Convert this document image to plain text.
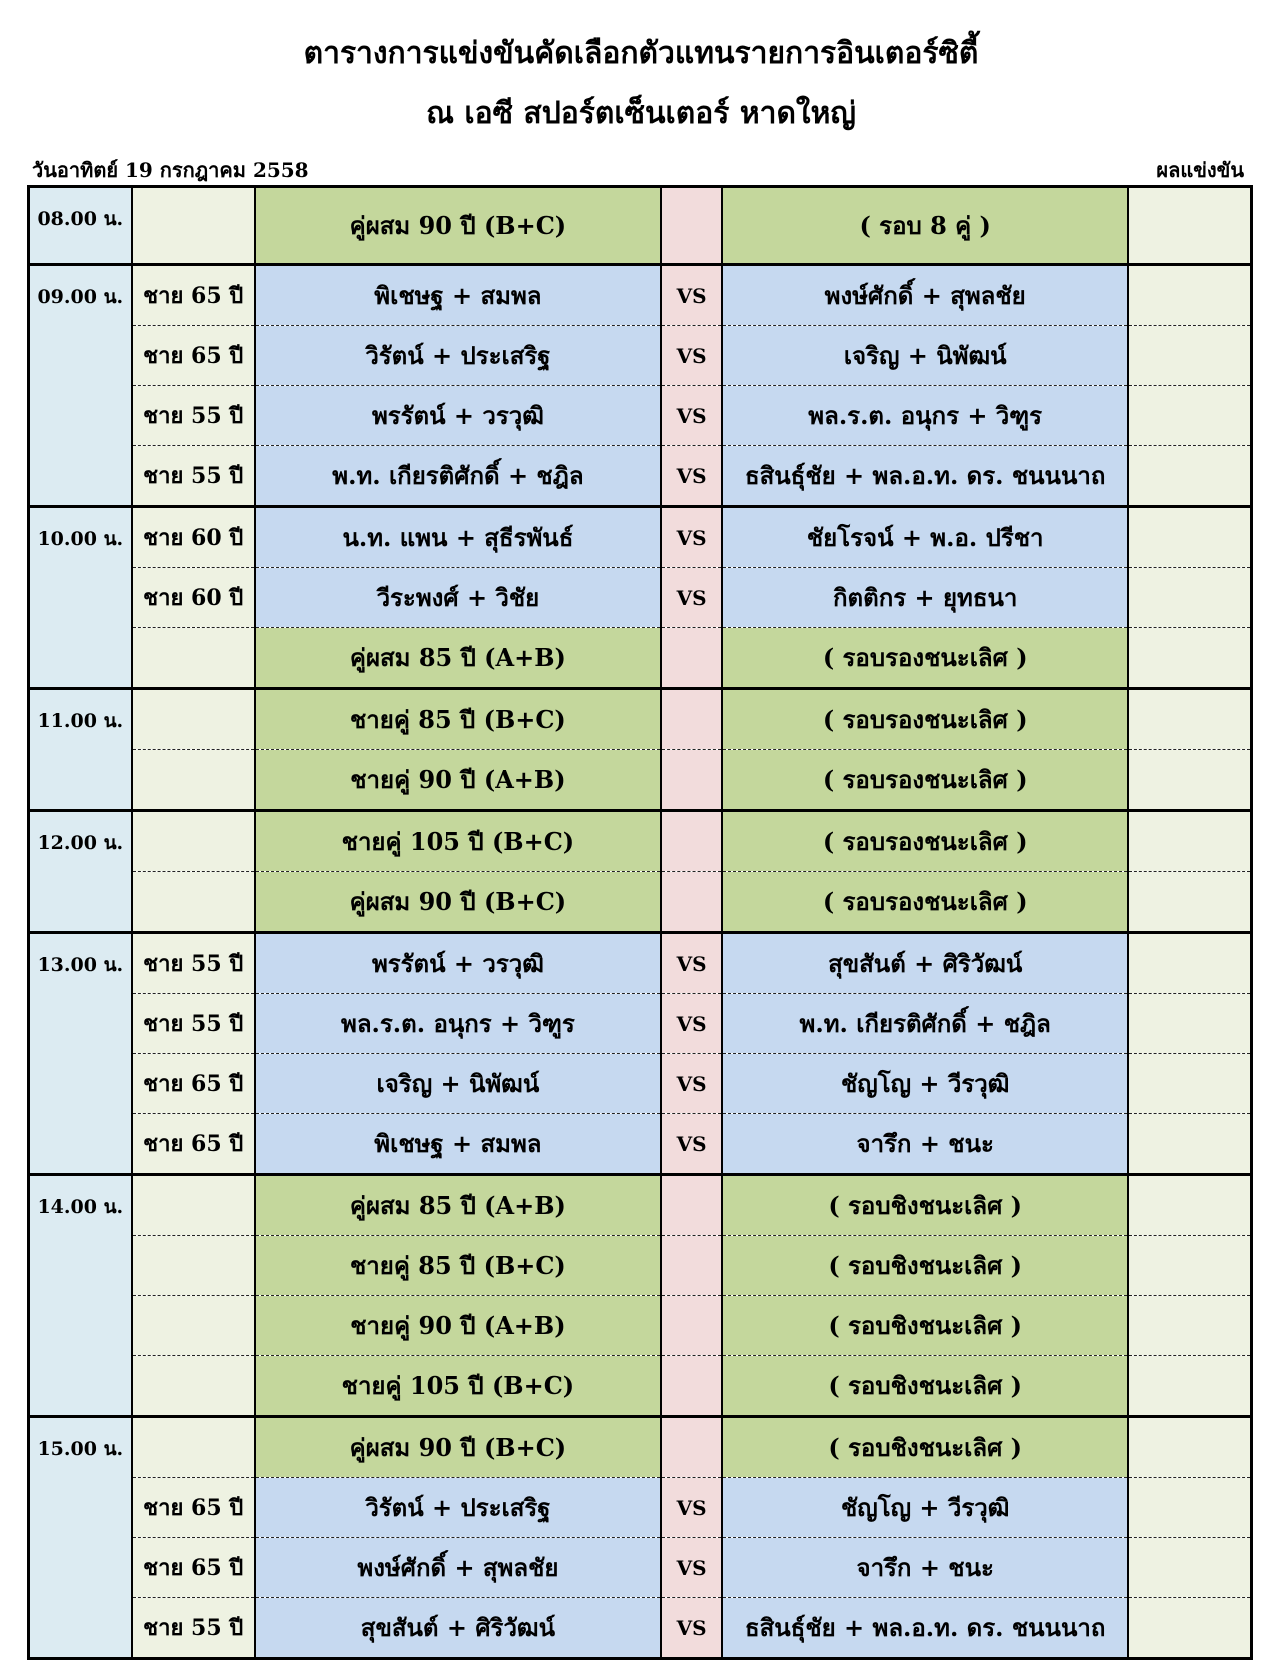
ตารางการแข่งขันคัดเลือกตัวแทนรายการอินเตอร์ซิตี้
ณ เอซี สปอร์ตเซ็นเตอร์ หาดใหญ่
วันอาทิตย์ 19 กรกฎาคม 2558	ผลแข่งขัน
08.00 น.		คู่ผสม 90 ปี (B+C)		( รอบ 8 คู่ )	
09.00 น.	ชาย 65 ปี	พิเชษฐ + สมพล	VS	พงษ์ศักดิ์ + สุพลชัย	
	ชาย 65 ปี	วิรัตน์ + ประเสริฐ	VS	เจริญ + นิพัฒน์	
	ชาย 55 ปี	พรรัตน์ + วรวุฒิ	VS	พล.ร.ต. อนุกร + วิฑูร	
	ชาย 55 ปี	พ.ท. เกียรติศักดิ์ + ชฎิล	VS	ธสินธุ์ชัย + พล.อ.ท. ดร. ชนนนาถ	
10.00 น.	ชาย 60 ปี	น.ท. แพน + สุธีรพันธ์	VS	ชัยโรจน์ + พ.อ. ปรีชา	
	ชาย 60 ปี	วีระพงศ์ + วิชัย	VS	กิตติกร + ยุทธนา	
		คู่ผสม 85 ปี (A+B)		( รอบรองชนะเลิศ )	
11.00 น.		ชายคู่ 85 ปี (B+C)		( รอบรองชนะเลิศ )	
		ชายคู่ 90 ปี (A+B)		( รอบรองชนะเลิศ )	
12.00 น.		ชายคู่ 105 ปี (B+C)		( รอบรองชนะเลิศ )	
		คู่ผสม 90 ปี (B+C)		( รอบรองชนะเลิศ )	
13.00 น.	ชาย 55 ปี	พรรัตน์ + วรวุฒิ	VS	สุขสันต์ + ศิริวัฒน์	
	ชาย 55 ปี	พล.ร.ต. อนุกร + วิฑูร	VS	พ.ท. เกียรติศักดิ์ + ชฎิล	
	ชาย 65 ปี	เจริญ + นิพัฒน์	VS	ชัญโญ + วีรวุฒิ	
	ชาย 65 ปี	พิเชษฐ + สมพล	VS	จารึก + ชนะ	
14.00 น.		คู่ผสม 85 ปี (A+B)		( รอบชิงชนะเลิศ )	
		ชายคู่ 85 ปี (B+C)		( รอบชิงชนะเลิศ )	
		ชายคู่ 90 ปี (A+B)		( รอบชิงชนะเลิศ )	
		ชายคู่ 105 ปี (B+C)		( รอบชิงชนะเลิศ )	
15.00 น.		คู่ผสม 90 ปี (B+C)		( รอบชิงชนะเลิศ )	
	ชาย 65 ปี	วิรัตน์ + ประเสริฐ	VS	ชัญโญ + วีรวุฒิ	
	ชาย 65 ปี	พงษ์ศักดิ์ + สุพลชัย	VS	จารึก + ชนะ	
	ชาย 55 ปี	สุขสันต์ + ศิริวัฒน์	VS	ธสินธุ์ชัย + พล.อ.ท. ดร. ชนนนาถ	
